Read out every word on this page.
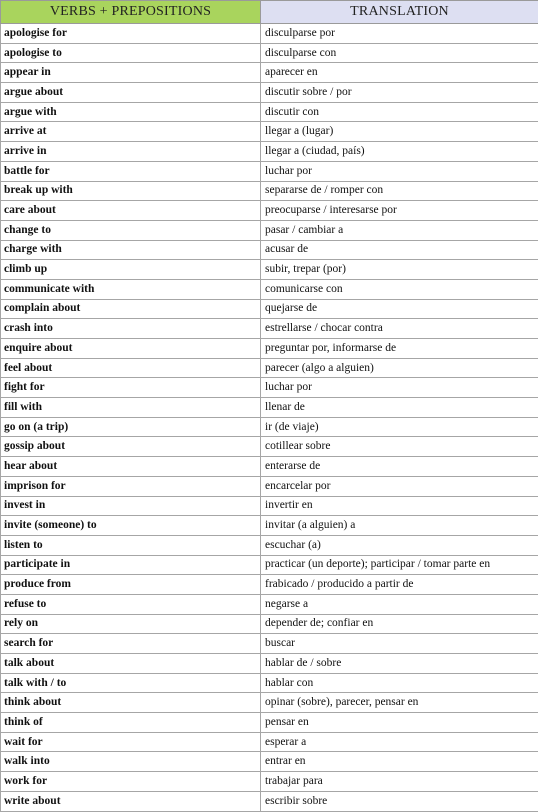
VERBS + PREPOSITIONS	TRANSLATION
apologise for	disculparse por
apologise to	disculparse con
appear in	aparecer en
argue about	discutir sobre / por
argue with	discutir con
arrive at	llegar a (lugar)
arrive in	llegar a (ciudad, país)
battle for	luchar por
break up with	separarse de / romper con
care about	preocuparse / interesarse por
change to	pasar / cambiar a
charge with	acusar de
climb up	subir, trepar (por)
communicate with	comunicarse con
complain about	quejarse de
crash into	estrellarse / chocar contra
enquire about	preguntar por, informarse de
feel about	parecer (algo a alguien)
fight for	luchar por
fill with	llenar de
go on (a trip)	ir (de viaje)
gossip about	cotillear sobre
hear about	enterarse de
imprison for	encarcelar por
invest in	invertir en
invite (someone) to	invitar (a alguien) a
listen to	escuchar (a)
participate in	practicar (un deporte); participar / tomar parte en
produce from	frabicado / producido a partir de
refuse to	negarse a
rely on	depender de; confiar en
search for	buscar
talk about	hablar de / sobre
talk with / to	hablar con
think about	opinar (sobre), parecer, pensar en
think of	pensar en
wait for	esperar a
walk into	entrar en
work for	trabajar para
write about	escribir sobre
